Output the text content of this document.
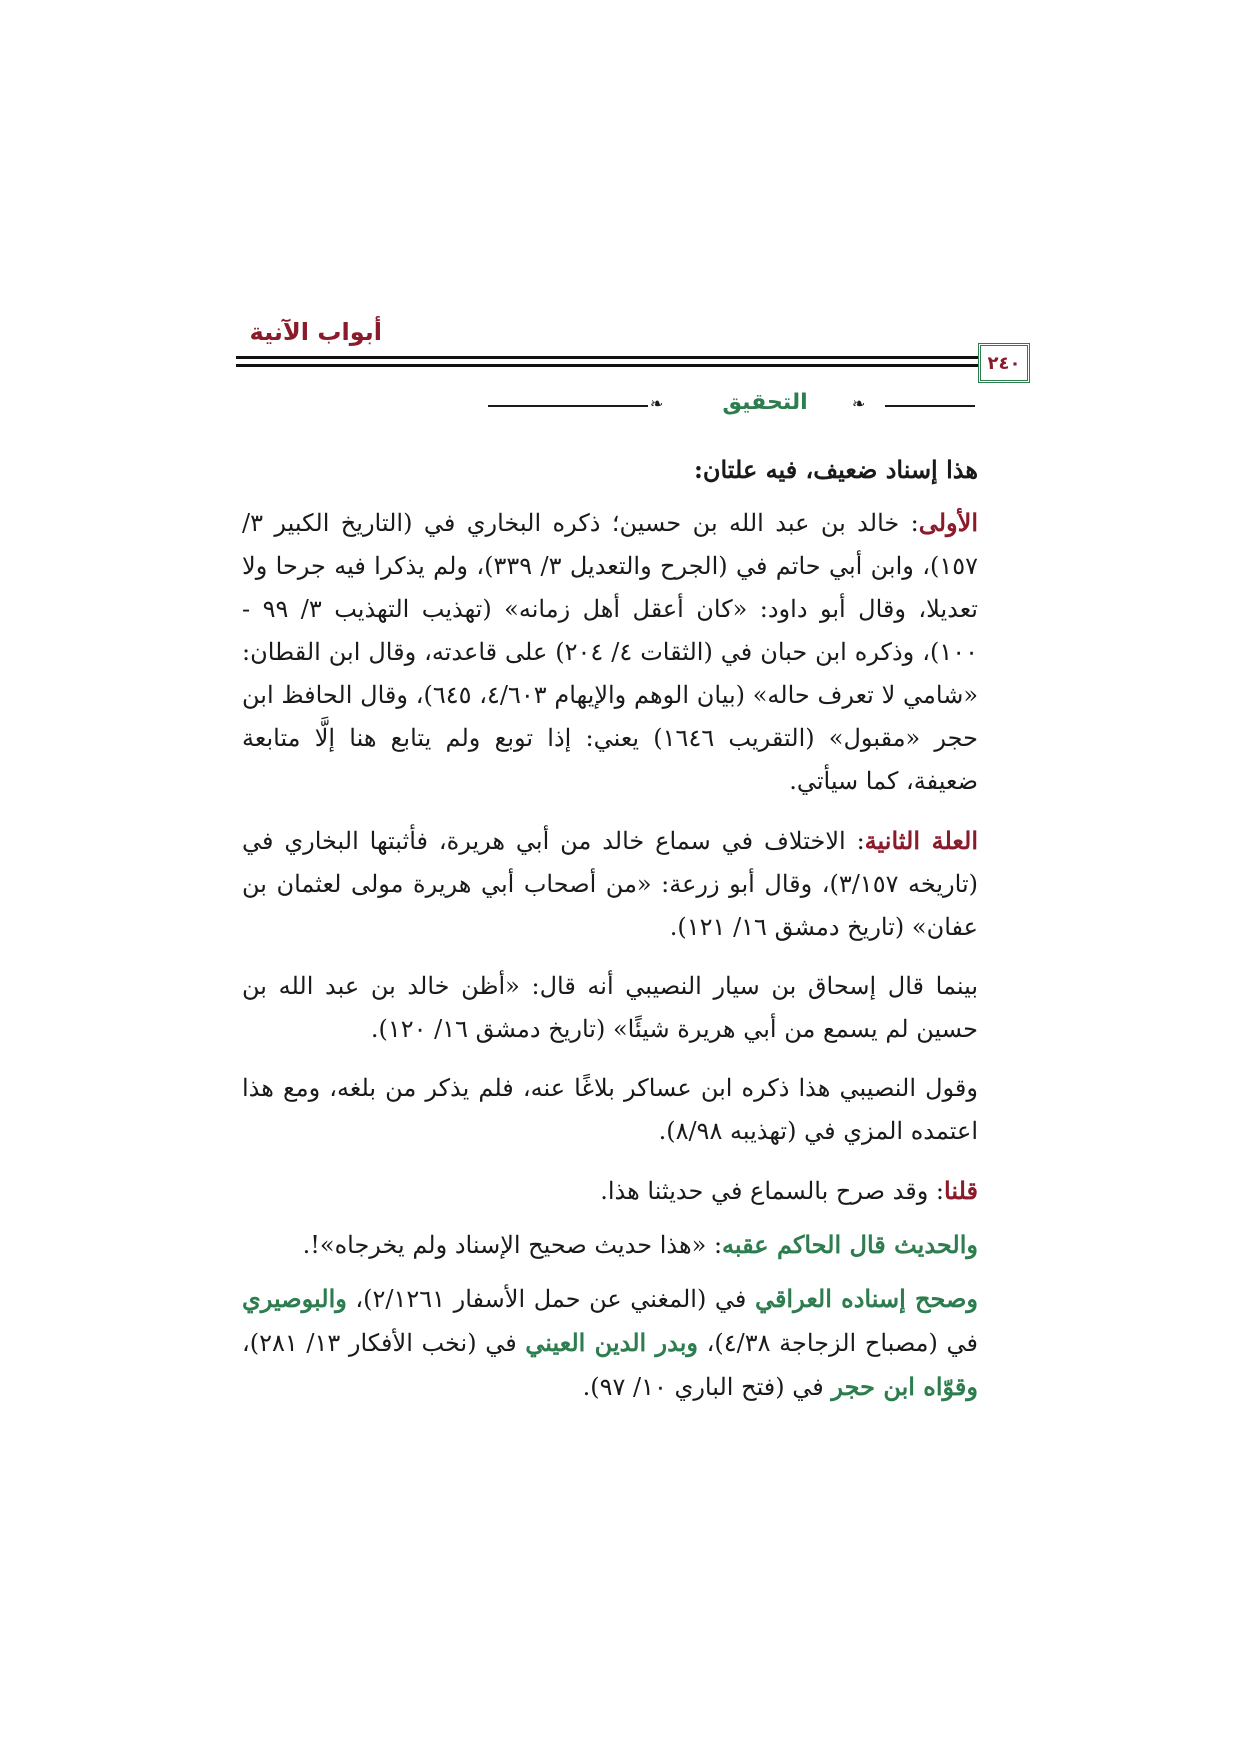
أبواب الآنية
٢٤٠
❧	التحقيق	❧

هذا إسناد ضعيف، فيه علتان:

الأولى: خالد بن عبد الله بن حسين؛ ذكره البخاري في (التاريخ الكبير ٣/ ١٥٧)، وابن أبي حاتم في (الجرح والتعديل ٣/ ٣٣٩)، ولم يذكرا فيه جرحا ولا تعديلا، وقال أبو داود: «كان أعقل أهل زمانه» (تهذيب التهذيب ٣/ ٩٩ - ١٠٠)، وذكره ابن حبان في (الثقات ٤/ ٢٠٤) على قاعدته، وقال ابن القطان: «شامي لا تعرف حاله» (بيان الوهم والإيهام ٤/٦٠٣، ٦٤٥)، وقال الحافظ ابن حجر «مقبول» (التقريب ١٦٤٦) يعني: إذا توبع ولم يتابع هنا إلَّا متابعة ضعيفة، كما سيأتي.

العلة الثانية: الاختلاف في سماع خالد من أبي هريرة، فأثبتها البخاري في (تاريخه ٣/١٥٧)، وقال أبو زرعة: «من أصحاب أبي هريرة مولى لعثمان بن عفان» (تاريخ دمشق ١٦/ ١٢١).

بينما قال إسحاق بن سيار النصيبي أنه قال: «أظن خالد بن عبد الله بن حسين لم يسمع من أبي هريرة شيئًا» (تاريخ دمشق ١٦/ ١٢٠).

وقول النصيبي هذا ذكره ابن عساكر بلاغًا عنه، فلم يذكر من بلغه، ومع هذا اعتمده المزي في (تهذيبه ٨/٩٨).

قلنا: وقد صرح بالسماع في حديثنا هذا.

والحديث قال الحاكم عقبه: «هذا حديث صحيح الإسناد ولم يخرجاه»!.

وصحح إسناده العراقي في (المغني عن حمل الأسفار ٢/١٢٦١)، والبوصيري في (مصباح الزجاجة ٤/٣٨)، وبدر الدين العيني في (نخب الأفكار ١٣/ ٢٨١)، وقوّاه ابن حجر في (فتح الباري ١٠/ ٩٧).
